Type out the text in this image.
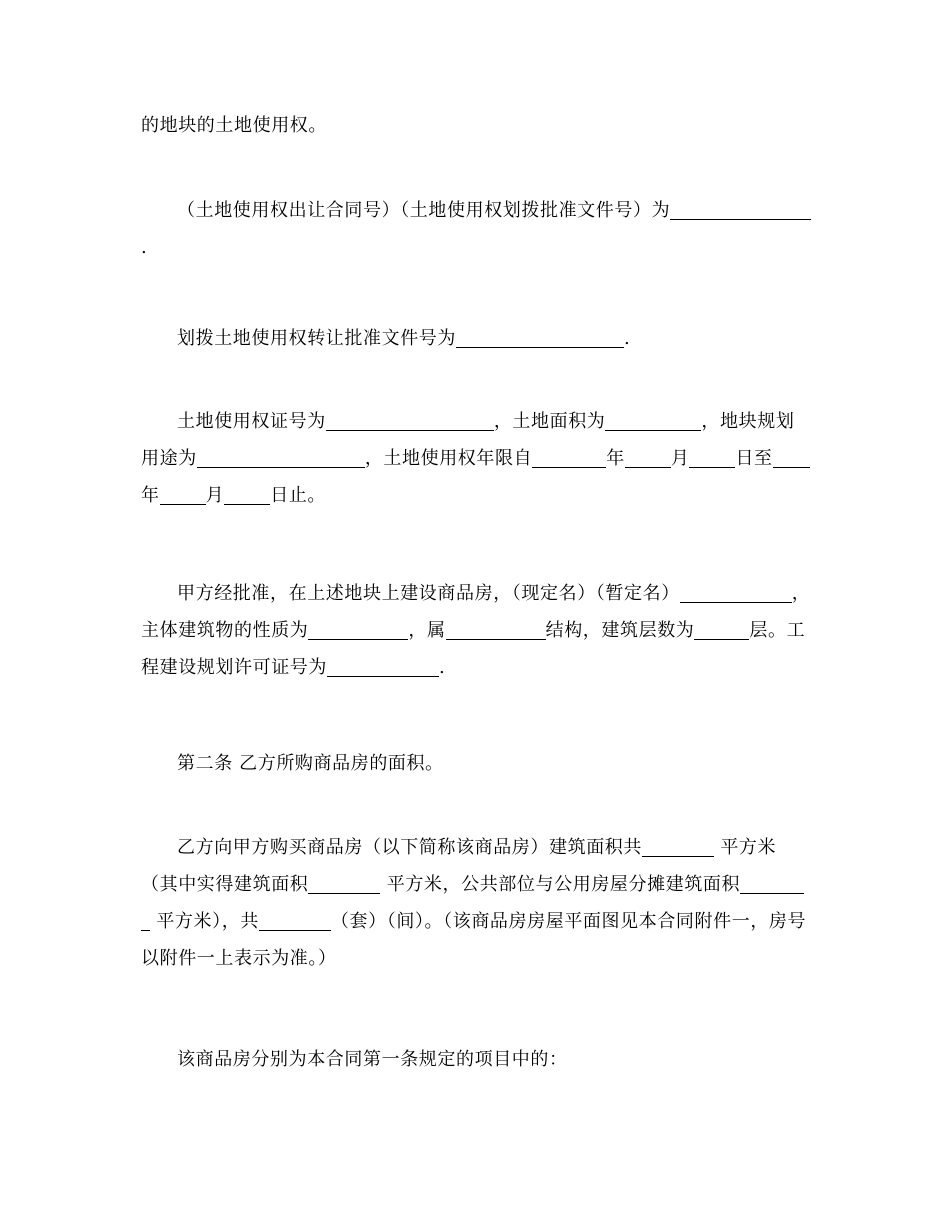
的地块的土地使用权。

（土地使用权出让合同号）（土地使用权划拨批准文件号）为.

划拨土地使用权转让批准文件号为	.

土地使用权证号为	，土地面积为	，地块规划用途为	，土地使用权年限自	年	月	日至年	月	日止。

甲方经批准，在上述地块上建设商品房，（现定名）（暂定名）	，主体建筑物的性质为	，属	结构，建筑层数为	层。工程建设规划许可证号为	.

第二条 乙方所购商品房的面积。

乙方向甲方购买商品房（以下简称该商品房）建筑面积共	平方米（其中实得建筑面积	平方米，公共部位与公用房屋分摊建筑面积 平方米），共	（套）（间）。（该商品房房屋平面图见本合同附件一，房号以附件一上表示为准。）

该商品房分别为本合同第一条规定的项目中的：
